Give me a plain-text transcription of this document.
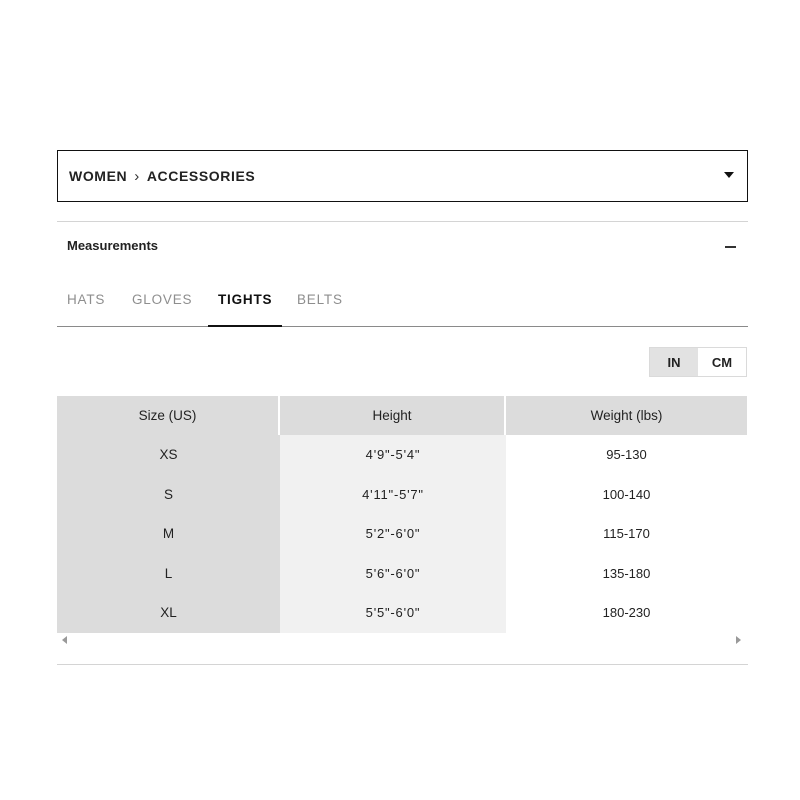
WOMEN › ACCESSORIES
Measurements
HATS GLOVES TIGHTS BELTS
IN	CM
Size (US)	Height	Weight (lbs)
XS	4'9"-5'4"	95-130
S	4'11"-5'7"	100-140
M	5'2"-6'0"	115-170
L	5'6"-6'0"	135-180
XL	5'5"-6'0"	180-230
